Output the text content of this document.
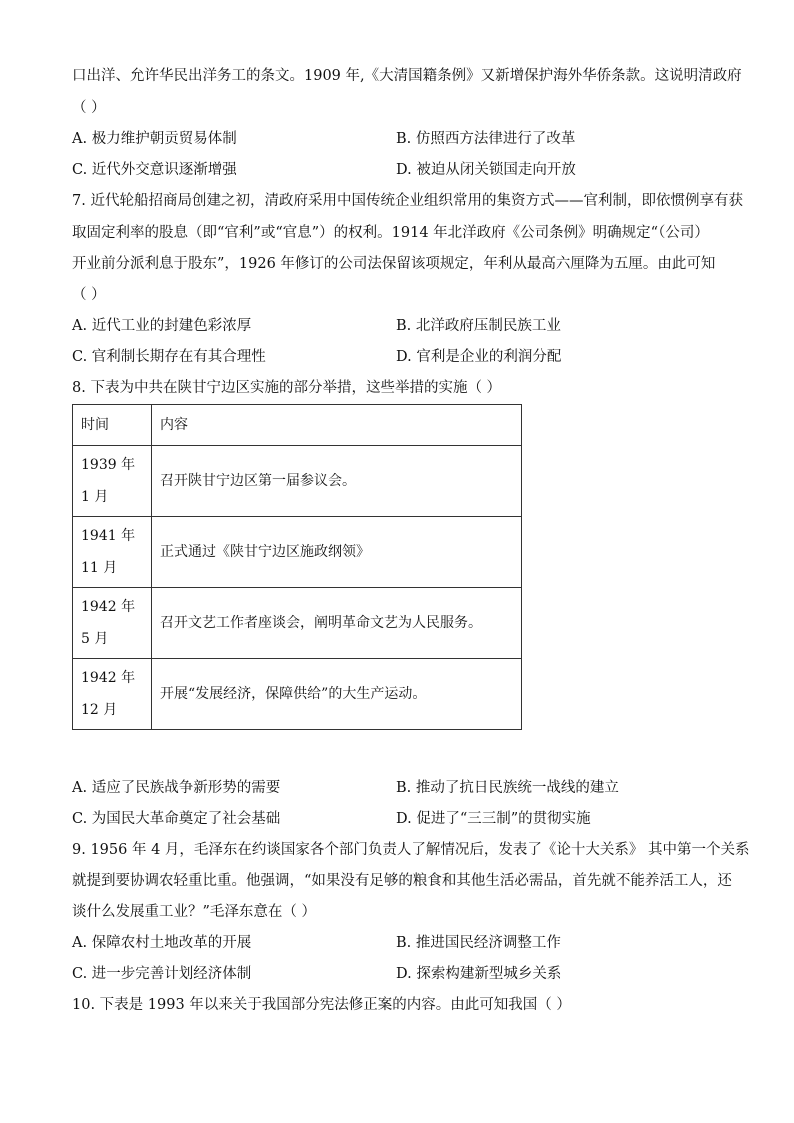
口出洋、允许华民出洋务工的条文。1909 年,《大清国籍条例》又新增保护海外华侨条款。这说明清政府
（ ）
A. 极力维护朝贡贸易体制	B. 仿照西方法律进行了改革
C. 近代外交意识逐渐增强	D. 被迫从闭关锁国走向开放
7. 近代轮船招商局创建之初，清政府采用中国传统企业组织常用的集资方式——官利制，即依惯例享有获
取固定利率的股息（即“官利”或“官息”）的权利。1914 年北洋政府《公司条例》明确规定“（公司）
开业前分派利息于股东”，1926 年修订的公司法保留该项规定，年利从最高六厘降为五厘。由此可知
（ ）
A. 近代工业的封建色彩浓厚	B. 北洋政府压制民族工业
C. 官利制长期存在有其合理性	D. 官利是企业的利润分配
8. 下表为中共在陕甘宁边区实施的部分举措，这些举措的实施（ ）
时间	内容
1939 年 1 月	召开陕甘宁边区第一届参议会。
1941 年 11 月	正式通过《陕甘宁边区施政纲领》
1942 年 5 月	召开文艺工作者座谈会，阐明革命文艺为人民服务。
1942 年 12 月	开展“发展经济，保障供给”的大生产运动。
A. 适应了民族战争新形势的需要	B. 推动了抗日民族统一战线的建立
C. 为国民大革命奠定了社会基础	D. 促进了“三三制”的贯彻实施
9. 1956 年 4 月，毛泽东在约谈国家各个部门负责人了解情况后，发表了《论十大关系》 其中第一个关系
就提到要协调农轻重比重。他强调，“如果没有足够的粮食和其他生活必需品，首先就不能养活工人，还
谈什么发展重工业？”毛泽东意在（ ）
A. 保障农村土地改革的开展	B. 推进国民经济调整工作
C. 进一步完善计划经济体制	D. 探索构建新型城乡关系
10. 下表是 1993 年以来关于我国部分宪法修正案的内容。由此可知我国（ ）
